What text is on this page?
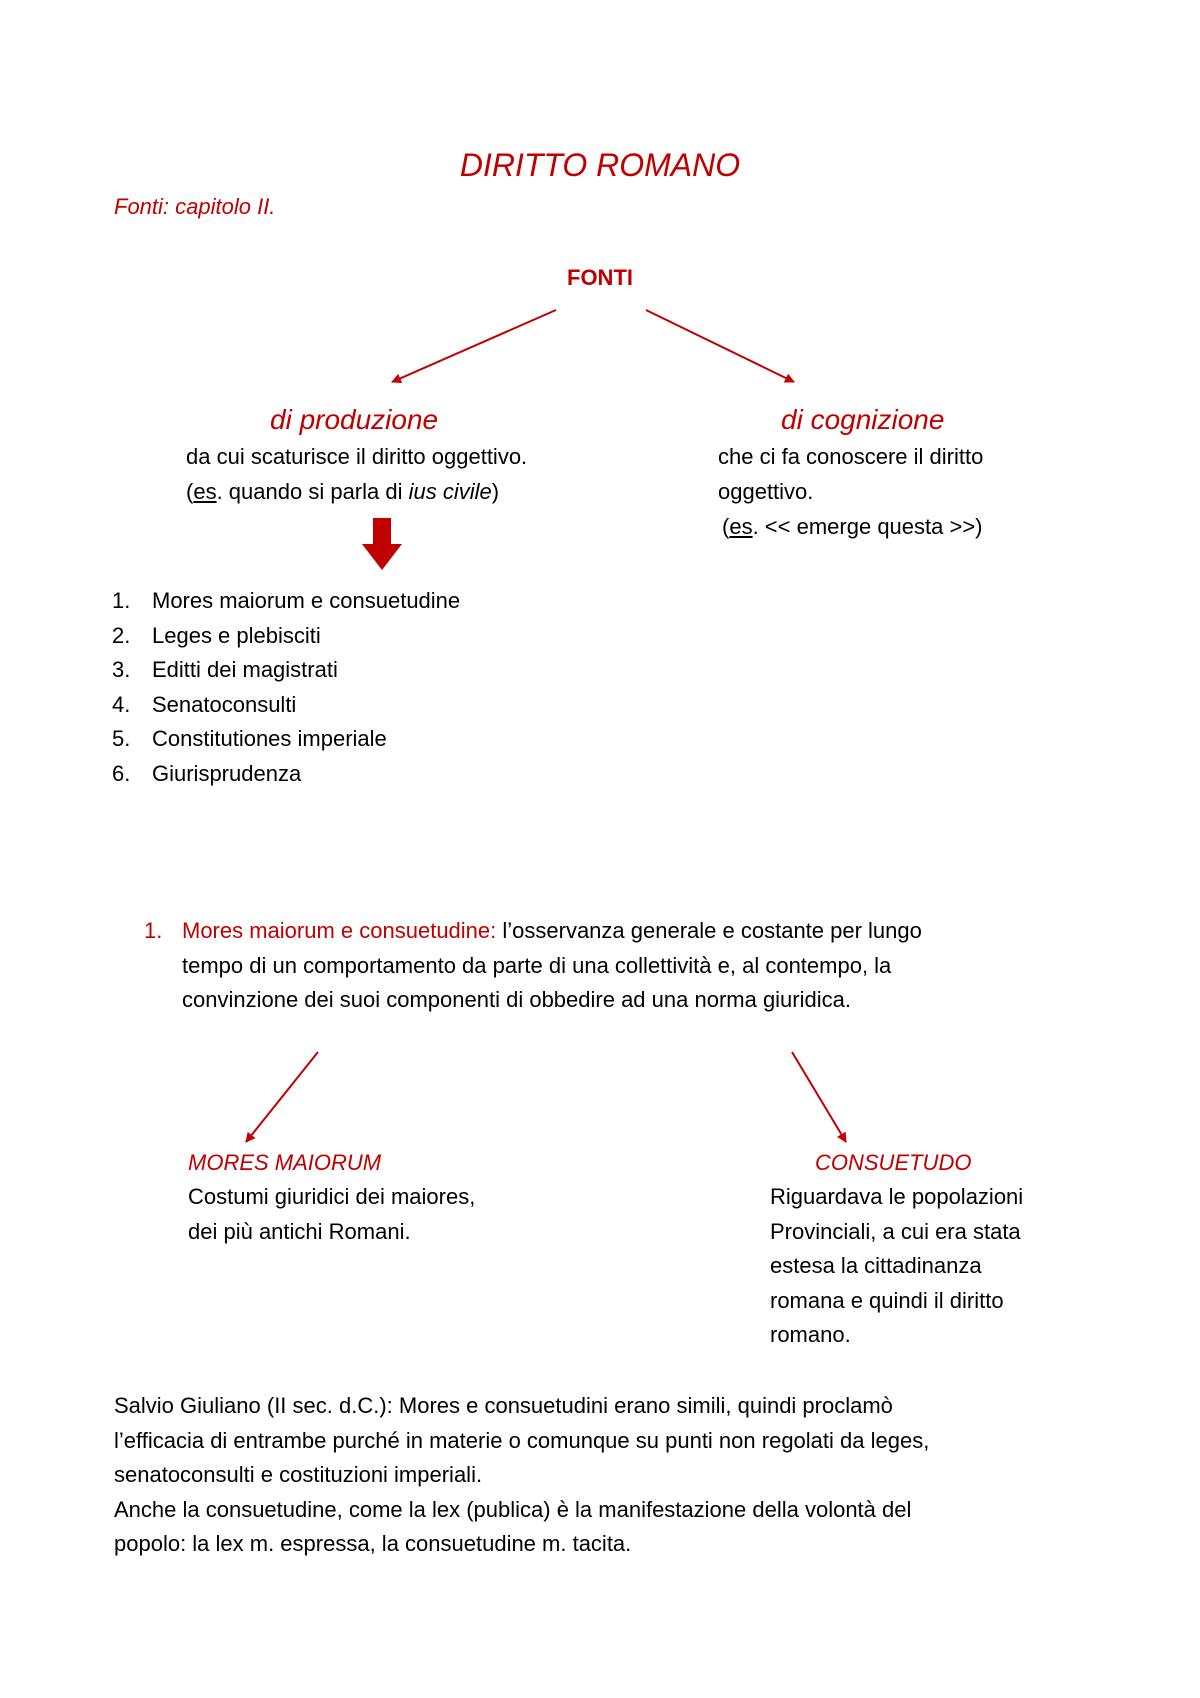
DIRITTO ROMANO
Fonti: capitolo II.
FONTI
di produzione
da cui scaturisce il diritto oggettivo.
(es. quando si parla di ius civile)
di cognizione
che ci fa conoscere il diritto
oggettivo.
(es. << emerge questa >>)
1. Mores maiorum e consuetudine
2. Leges e plebisciti
3. Editti dei magistrati
4. Senatoconsulti
5. Constitutiones imperiale
6. Giurisprudenza
1. Mores maiorum e consuetudine: l’osservanza generale e costante per lungo
tempo di un comportamento da parte di una collettività e, al contempo, la
convinzione dei suoi componenti di obbedire ad una norma giuridica.
MORES MAIORUM
Costumi giuridici dei maiores,
dei più antichi Romani.
CONSUETUDO
Riguardava le popolazioni
Provinciali, a cui era stata
estesa la cittadinanza
romana e quindi il diritto
romano.
Salvio Giuliano (II sec. d.C.): Mores e consuetudini erano simili, quindi proclamò
l’efficacia di entrambe purché in materie o comunque su punti non regolati da leges,
senatoconsulti e costituzioni imperiali.
Anche la consuetudine, come la lex (publica) è la manifestazione della volontà del
popolo: la lex m. espressa, la consuetudine m. tacita.
